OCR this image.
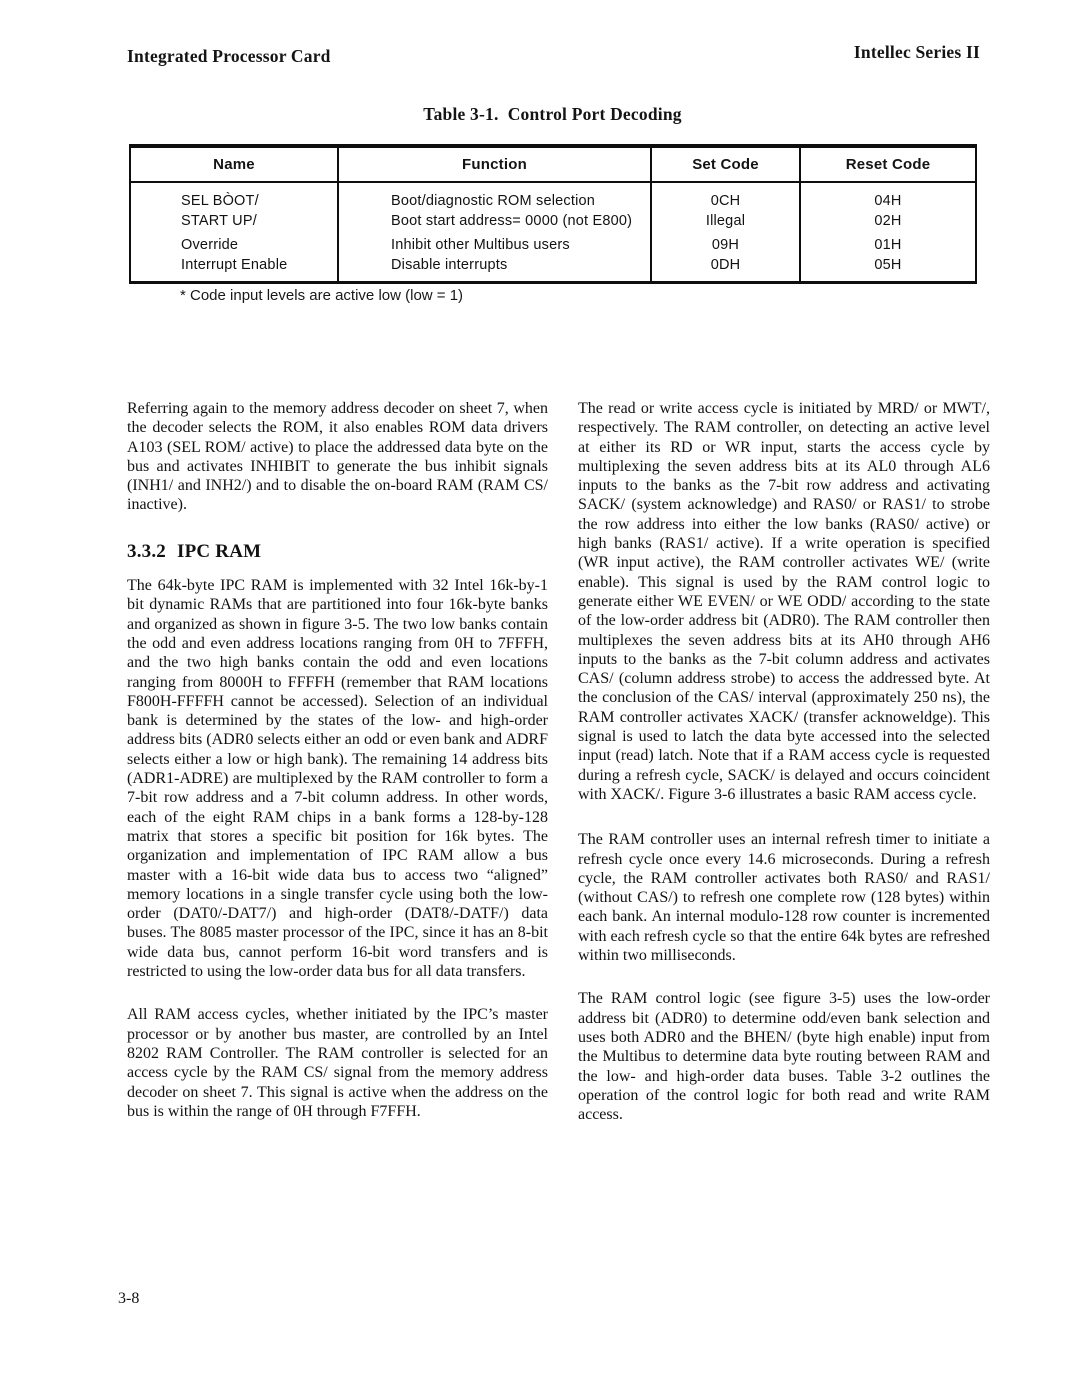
Integrated Processor Card	Intellec Series II
Table 3-1.  Control Port Decoding
Name	Function	Set Code	Reset Code
SEL BÒOT/	Boot/diagnostic ROM selection	0CH	04H
START UP/	Boot start address= 0000 (not E800)	Illegal	02H
Override	Inhibit other Multibus users	09H	01H
Interrupt Enable	Disable interrupts	0DH	05H
* Code input levels are active low (low = 1)

Referring again to the memory address decoder on sheet 7, when the decoder selects the ROM, it also enables ROM data drivers A103 (SEL ROM/ active) to place the addressed data byte on the bus and activates INHIBIT to generate the bus inhibit signals (INH1/ and INH2/) and to disable the on-board RAM (RAM CS/ inactive).

3.3.2 IPC RAM

The 64k-byte IPC RAM is implemented with 32 Intel 16k-by-1 bit dynamic RAMs that are partitioned into four 16k-byte banks and organized as shown in figure 3-5. The two low banks contain the odd and even address locations ranging from 0H to 7FFFH, and the two high banks contain the odd and even locations ranging from 8000H to FFFFH (remember that RAM locations F800H-FFFFH cannot be accessed). Selection of an individual bank is determined by the states of the low- and high-order address bits (ADR0 selects either an odd or even bank and ADRF selects either a low or high bank). The remaining 14 address bits (ADR1-ADRE) are multiplexed by the RAM controller to form a 7-bit row address and a 7-bit column address. In other words, each of the eight RAM chips in a bank forms a 128-by-128 matrix that stores a specific bit position for 16k bytes. The organization and implementation of IPC RAM allow a bus master with a 16-bit wide data bus to access two “aligned” memory locations in a single transfer cycle using both the low-order (DAT0/-DAT7/) and high-order (DAT8/-DATF/) data buses. The 8085 master processor of the IPC, since it has an 8-bit wide data bus, cannot perform 16-bit word transfers and is restricted to using the low-order data bus for all data transfers.

All RAM access cycles, whether initiated by the IPC’s master processor or by another bus master, are controlled by an Intel 8202 RAM Controller. The RAM controller is selected for an access cycle by the RAM CS/ signal from the memory address decoder on sheet 7. This signal is active when the address on the bus is within the range of 0H through F7FFH.

The read or write access cycle is initiated by MRD/ or MWT/, respectively. The RAM controller, on detecting an active level at either its RD or WR input, starts the access cycle by multiplexing the seven address bits at its AL0 through AL6 inputs to the banks as the 7-bit row address and activating SACK/ (system acknowledge) and RAS0/ or RAS1/ to strobe the row address into either the low banks (RAS0/ active) or high banks (RAS1/ active). If a write operation is specified (WR input active), the RAM controller activates WE/ (write enable). This signal is used by the RAM control logic to generate either WE EVEN/ or WE ODD/ according to the state of the low-order address bit (ADR0). The RAM controller then multiplexes the seven address bits at its AH0 through AH6 inputs to the banks as the 7-bit column address and activates CAS/ (column address strobe) to access the addressed byte. At the conclusion of the CAS/ interval (approximately 250 ns), the RAM controller activates XACK/ (transfer acknoweldge). This signal is used to latch the data byte accessed into the selected input (read) latch. Note that if a RAM access cycle is requested during a refresh cycle, SACK/ is delayed and occurs coincident with XACK/. Figure 3-6 illustrates a basic RAM access cycle.

The RAM controller uses an internal refresh timer to initiate a refresh cycle once every 14.6 microseconds. During a refresh cycle, the RAM controller activates both RAS0/ and RAS1/ (without CAS/) to refresh one complete row (128 bytes) within each bank. An internal modulo-128 row counter is incremented with each refresh cycle so that the entire 64k bytes are refreshed within two milliseconds.

The RAM control logic (see figure 3-5) uses the low-order address bit (ADR0) to determine odd/even bank selection and uses both ADR0 and the BHEN/ (byte high enable) input from the Multibus to determine data byte routing between RAM and the low- and high-order data buses. Table 3-2 outlines the operation of the control logic for both read and write RAM access.

3-8
